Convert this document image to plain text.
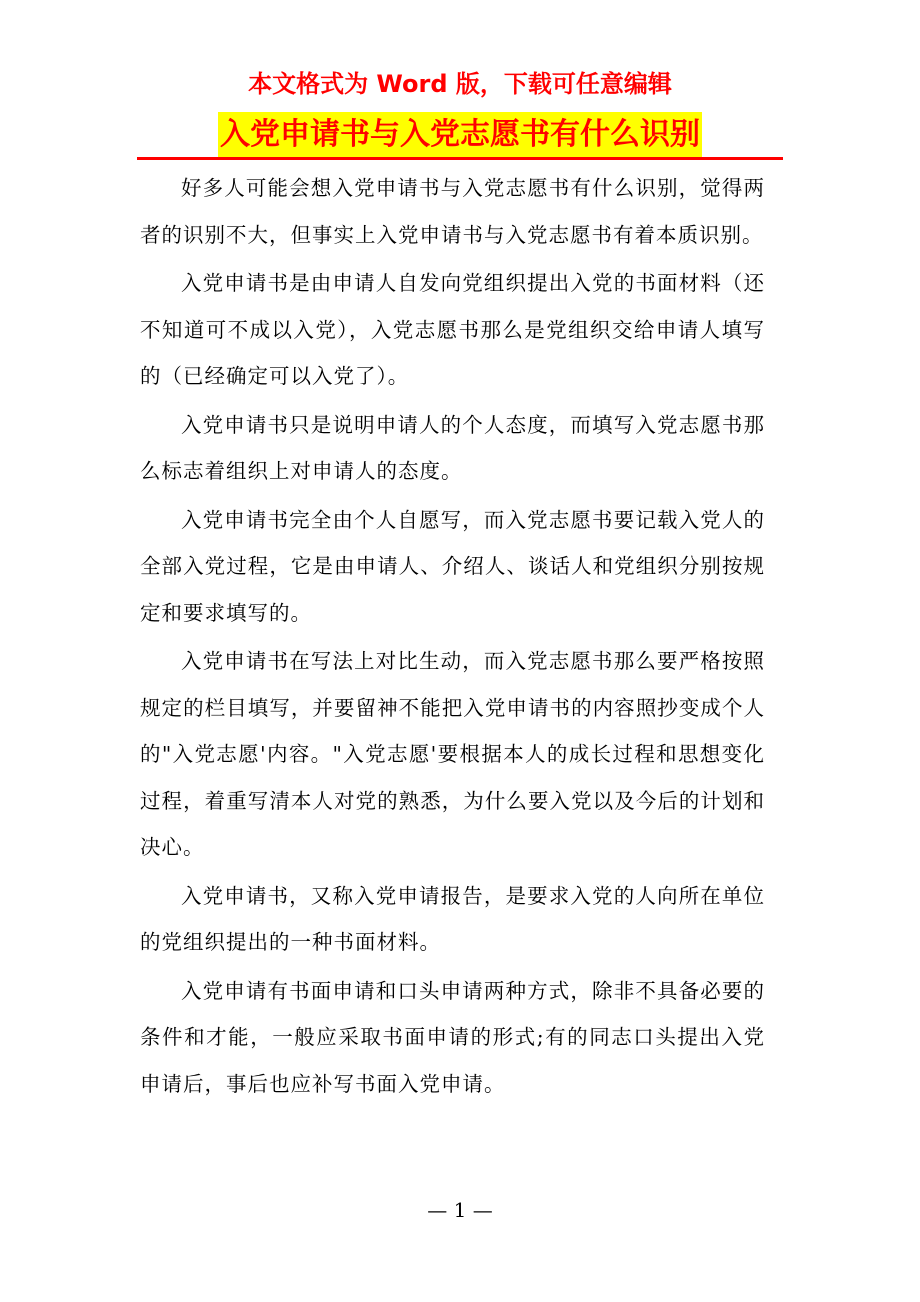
本文格式为 Word 版，下载可任意编辑
入党申请书与入党志愿书有什么识别

好多人可能会想入党申请书与入党志愿书有什么识别，觉得两者的识别不大，但事实上入党申请书与入党志愿书有着本质识别。

入党申请书是由申请人自发向党组织提出入党的书面材料（还不知道可不成以入党），入党志愿书那么是党组织交给申请人填写的（已经确定可以入党了）。

入党申请书只是说明申请人的个人态度，而填写入党志愿书那么标志着组织上对申请人的态度。

入党申请书完全由个人自愿写，而入党志愿书要记载入党人的全部入党过程，它是由申请人、介绍人、谈话人和党组织分别按规定和要求填写的。

入党申请书在写法上对比生动，而入党志愿书那么要严格按照规定的栏目填写，并要留神不能把入党申请书的内容照抄变成个人的"入党志愿'内容。"入党志愿'要根据本人的成长过程和思想变化过程，着重写清本人对党的熟悉，为什么要入党以及今后的计划和决心。

入党申请书，又称入党申请报告，是要求入党的人向所在单位的党组织提出的一种书面材料。

入党申请有书面申请和口头申请两种方式，除非不具备必要的条件和才能，一般应采取书面申请的形式;有的同志口头提出入党申请后，事后也应补写书面入党申请。

— 1 —
